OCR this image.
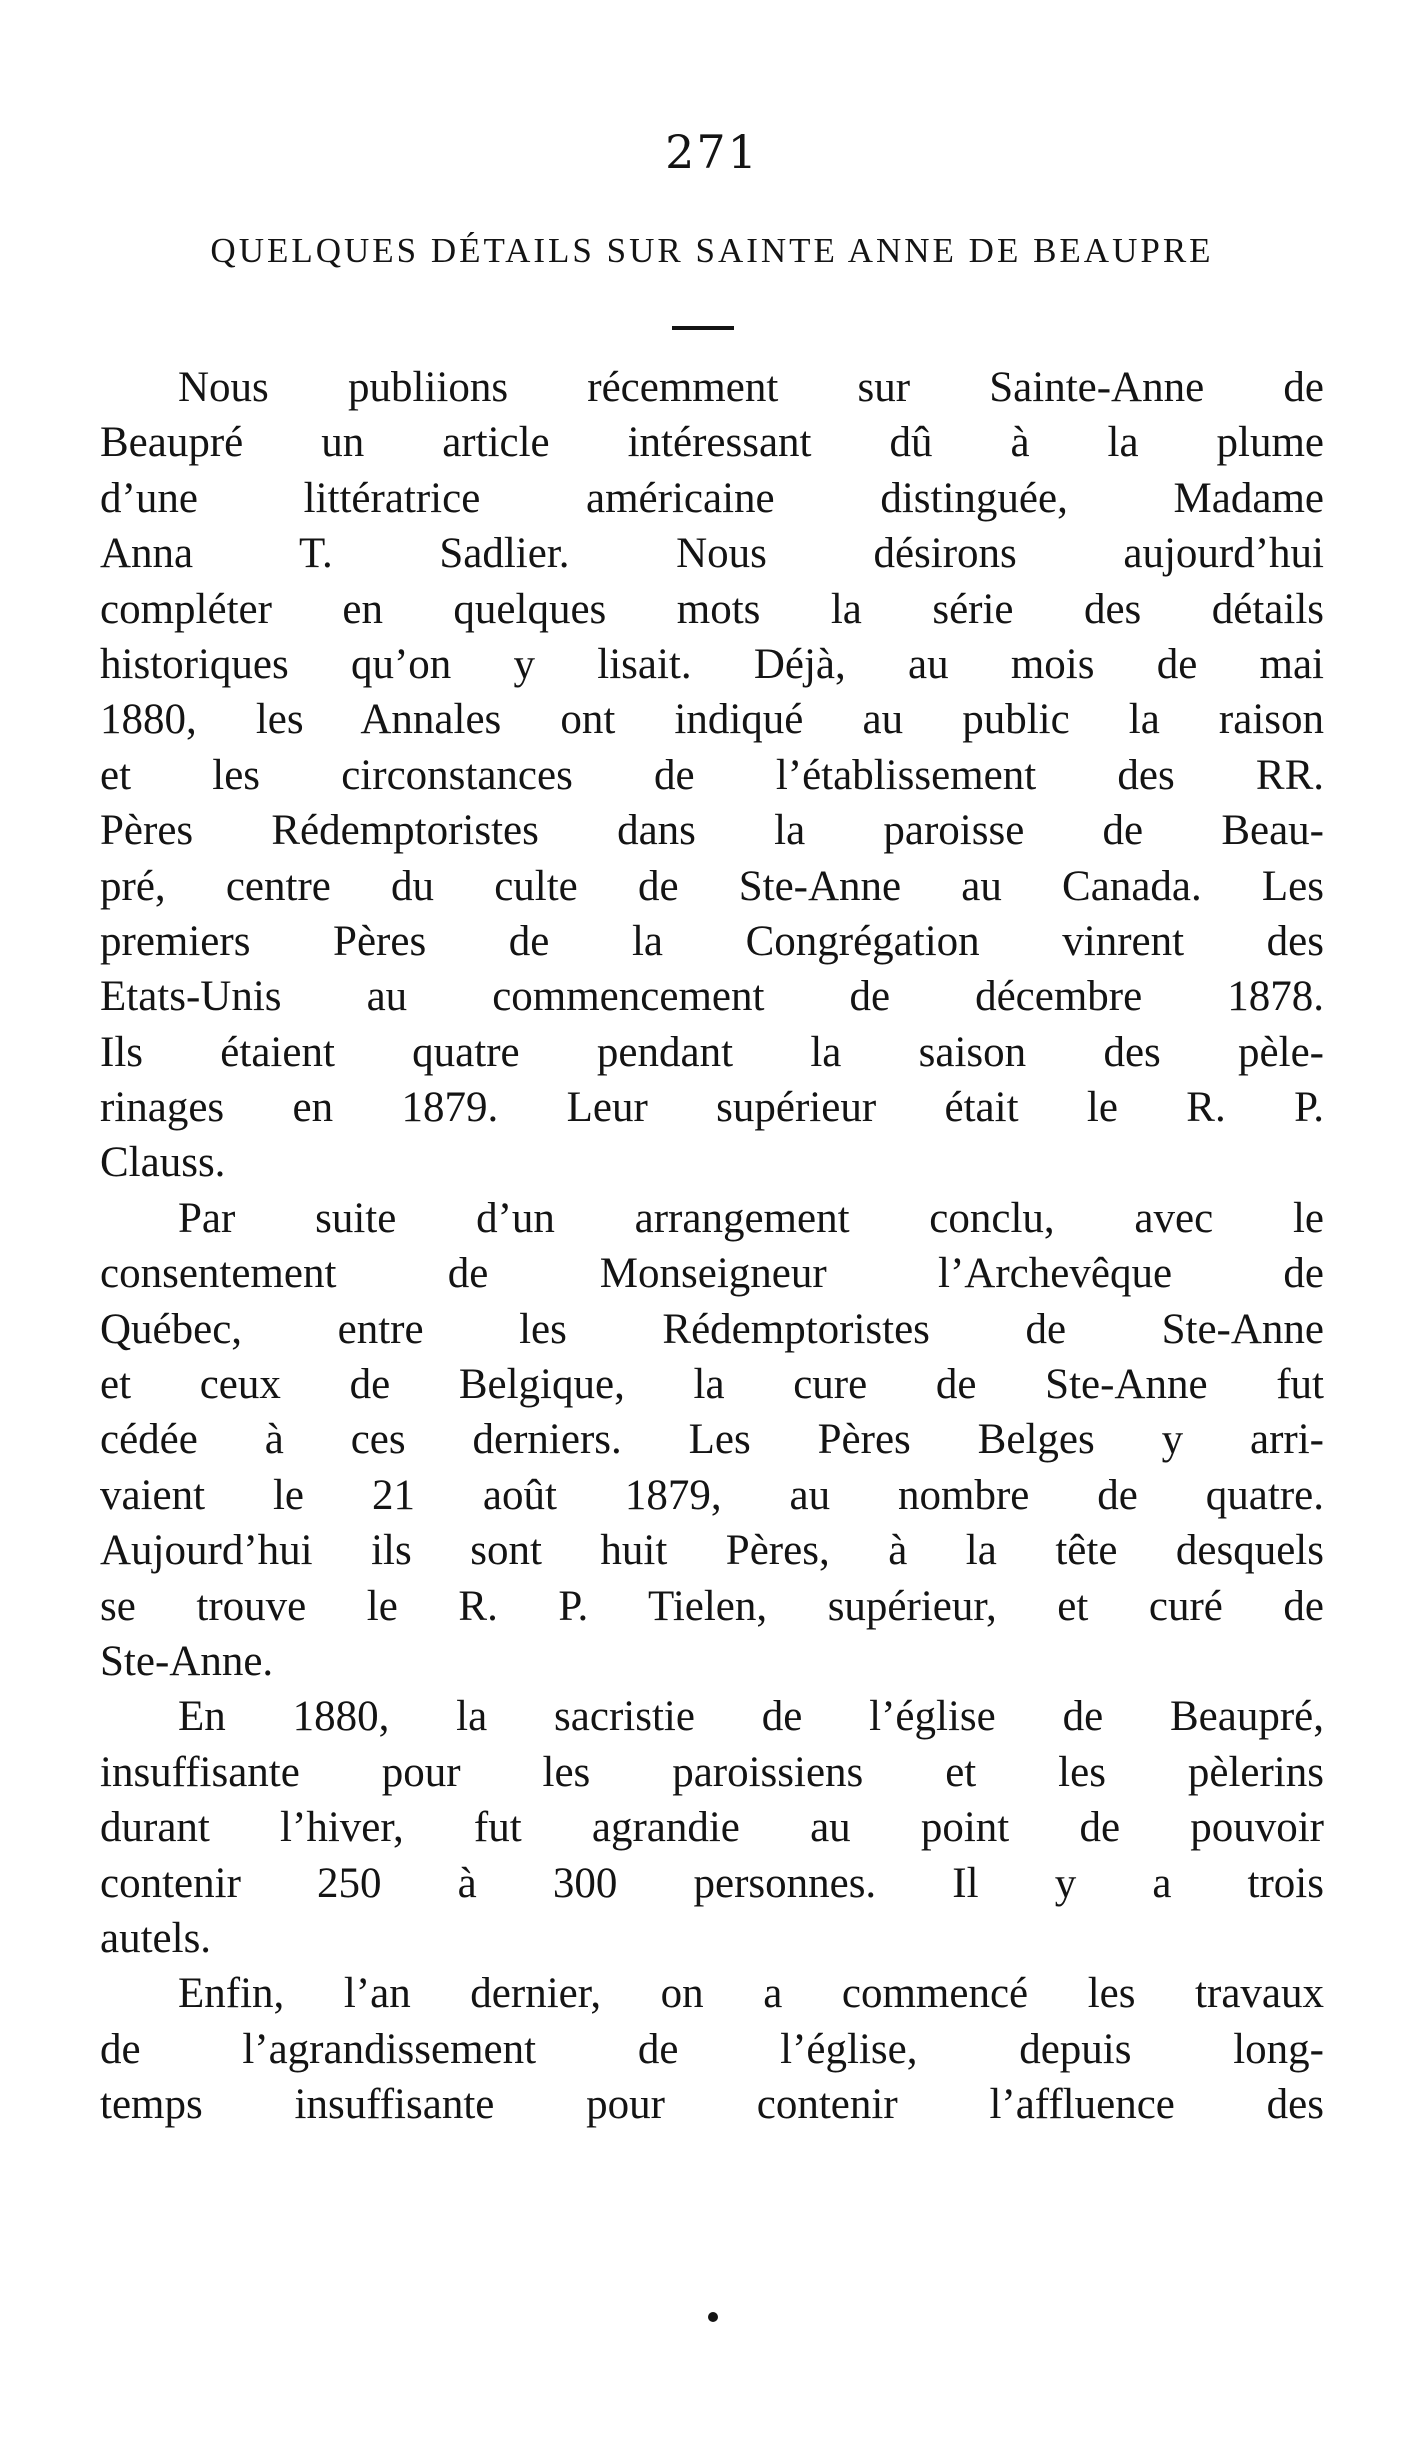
271
QUELQUES DÉTAILS SUR SAINTE ANNE DE BEAUPRE
Nous publiions récemment sur Sainte-Anne de
Beaupré un article intéressant dû à la plume
d’une littératrice américaine distinguée, Madame
Anna T. Sadlier. Nous désirons aujourd’hui
compléter en quelques mots la série des détails
historiques qu’on y lisait. Déjà, au mois de mai
1880, les Annales ont indiqué au public la raison
et les circonstances de l’établissement des RR.
Pères Rédemptoristes dans la paroisse de Beau-
pré, centre du culte de Ste-Anne au Canada. Les
premiers Pères de la Congrégation vinrent des
Etats-Unis au commencement de décembre 1878.
Ils étaient quatre pendant la saison des pèle-
rinages en 1879. Leur supérieur était le R. P.
Clauss.
Par suite d’un arrangement conclu, avec le
consentement de Monseigneur l’Archevêque de
Québec, entre les Rédemptoristes de Ste-Anne
et ceux de Belgique, la cure de Ste-Anne fut
cédée à ces derniers. Les Pères Belges y arri-
vaient le 21 août 1879, au nombre de quatre.
Aujourd’hui ils sont huit Pères, à la tête desquels
se trouve le R. P. Tielen, supérieur, et curé de
Ste-Anne.
En 1880, la sacristie de l’église de Beaupré,
insuffisante pour les paroissiens et les pèlerins
durant l’hiver, fut agrandie au point de pouvoir
contenir 250 à 300 personnes. Il y a trois
autels.
Enfin, l’an dernier, on a commencé les travaux
de l’agrandissement de l’église, depuis long-
temps insuffisante pour contenir l’affluence des
